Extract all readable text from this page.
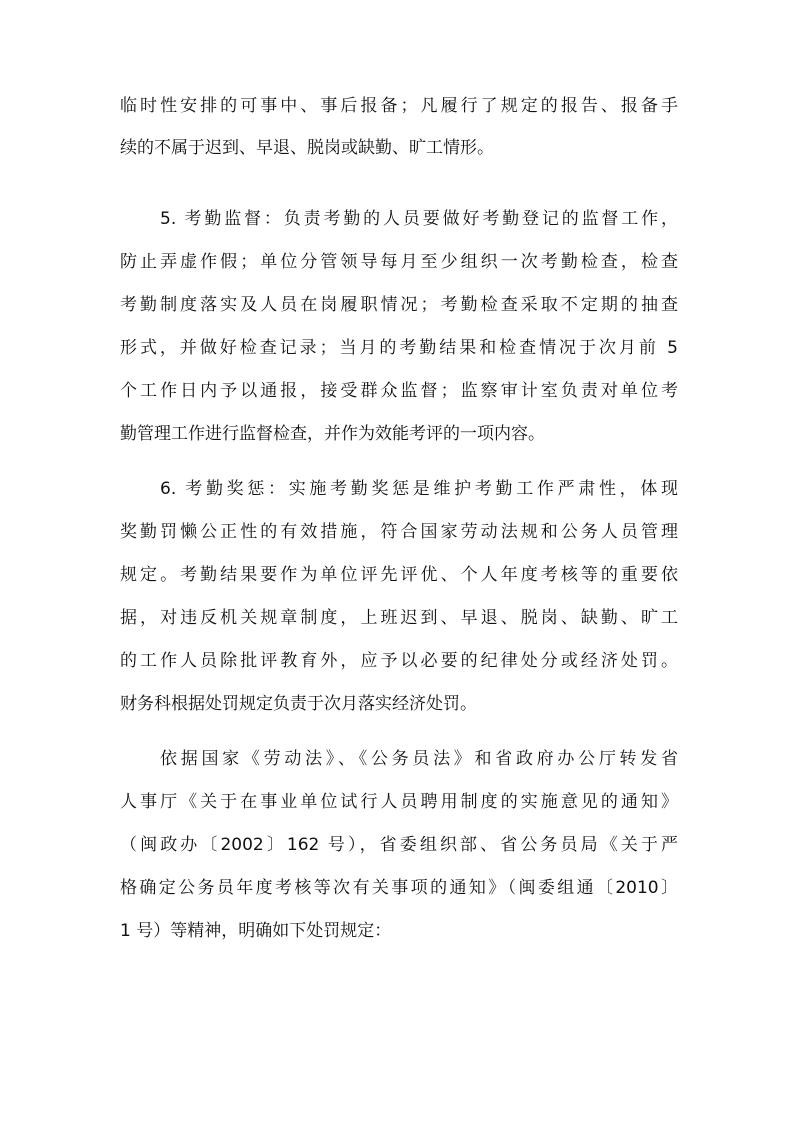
临时性安排的可事中、事后报备；凡履行了规定的报告、报备手
续的不属于迟到、早退、脱岗或缺勤、旷工情形。
5. 考勤监督：负责考勤的人员要做好考勤登记的监督工作，
防止弄虚作假；单位分管领导每月至少组织一次考勤检查，检查
考勤制度落实及人员在岗履职情况；考勤检查采取不定期的抽查
形式，并做好检查记录；当月的考勤结果和检查情况于次月前 5
个工作日内予以通报，接受群众监督；监察审计室负责对单位考
勤管理工作进行监督检查，并作为效能考评的一项内容。
6. 考勤奖惩：实施考勤奖惩是维护考勤工作严肃性，体现
奖勤罚懒公正性的有效措施，符合国家劳动法规和公务人员管理
规定。考勤结果要作为单位评先评优、个人年度考核等的重要依
据，对违反机关规章制度，上班迟到、早退、脱岗、缺勤、旷工
的工作人员除批评教育外，应予以必要的纪律处分或经济处罚。
财务科根据处罚规定负责于次月落实经济处罚。
依据国家《劳动法》、《公务员法》和省政府办公厅转发省
人事厅《关于在事业单位试行人员聘用制度的实施意见的通知》
（闽政办〔2002〕162 号），省委组织部、省公务员局《关于严
格确定公务员年度考核等次有关事项的通知》（闽委组通〔2010〕
1 号）等精神，明确如下处罚规定：
